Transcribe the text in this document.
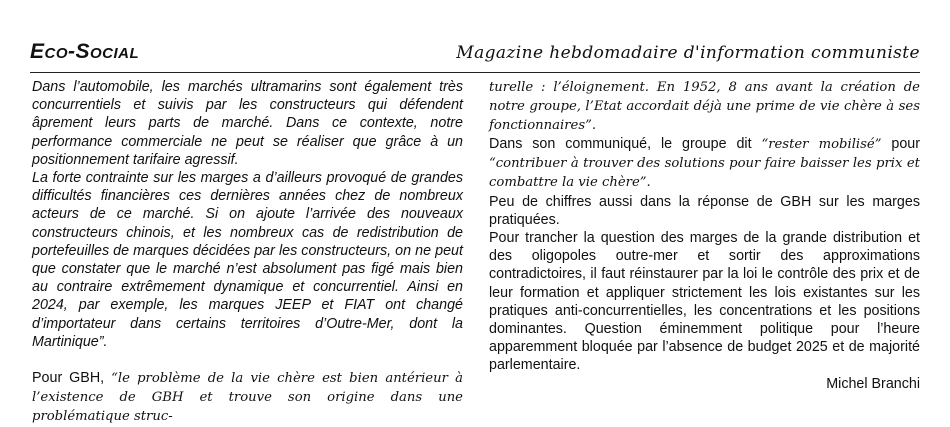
Eco-Social	Magazine hebdomadaire d'information communiste

Dans l’automobile, les marchés ultramarins sont également très concurrentiels et suivis par les constructeurs qui défendent âprement leurs parts de marché. Dans ce contexte, notre performance commerciale ne peut se réaliser que grâce à un positionnement tarifaire agressif.

La forte contrainte sur les marges a d’ailleurs provoqué de grandes difficultés financières ces dernières années chez de nombreux acteurs de ce marché. Si on ajoute l’arrivée des nouveaux constructeurs chinois, et les nombreux cas de redistribution de portefeuilles de marques décidées par les constructeurs, on ne peut que constater que le marché n’est absolument pas figé mais bien au contraire extrêmement dynamique et concurrentiel. Ainsi en 2024, par exemple, les marques JEEP et FIAT ont changé d’importateur dans certains territoires d’Outre-Mer, dont la Martinique”.

Pour GBH, “le problème de la vie chère est bien antérieur à l’existence de GBH et trouve son origine dans une problématique struc-

turelle : l’éloignement. En 1952, 8 ans avant la création de notre groupe, l’Etat accordait déjà une prime de vie chère à ses fonctionnaires”.

Dans son communiqué, le groupe dit “rester mobilisé” pour “contribuer à trouver des solutions pour faire baisser les prix et combattre la vie chère”.

Peu de chiffres aussi dans la réponse de GBH sur les marges pratiquées.

Pour trancher la question des marges de la grande distribution et des oligopoles outre-mer et sortir des approximations contradictoires, il faut réinstaurer par la loi le contrôle des prix et de leur formation et appliquer strictement les lois existantes sur les pratiques anti-concurrentielles, les concentrations et les positions dominantes. Question éminemment politique pour l’heure apparemment bloquée par l’absence de budget 2025 et de majorité parlementaire.

Michel Branchi
